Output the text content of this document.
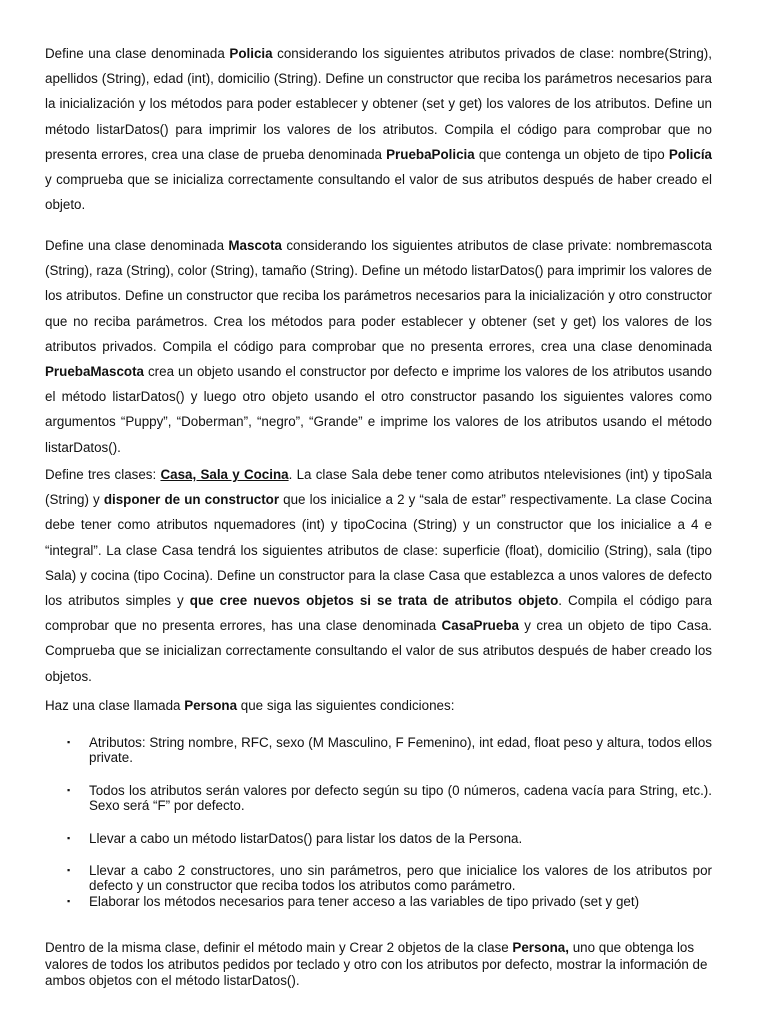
Define una clase denominada Policia considerando los siguientes atributos privados de clase: nombre(String), apellidos (String), edad (int), domicilio (String). Define un constructor que reciba los parámetros necesarios para la inicialización y los métodos para poder establecer y obtener (set y get) los valores de los atributos. Define un método listarDatos() para imprimir los valores de los atributos. Compila el código para comprobar que no presenta errores, crea una clase de prueba denominada PruebaPolicia que contenga un objeto de tipo Policía y comprueba que se inicializa correctamente consultando el valor de sus atributos después de haber creado el objeto.

Define una clase denominada Mascota considerando los siguientes atributos de clase private: nombremascota (String), raza (String), color (String), tamaño (String). Define un método listarDatos() para imprimir los valores de los atributos. Define un constructor que reciba los parámetros necesarios para la inicialización y otro constructor que no reciba parámetros. Crea los métodos para poder establecer y obtener (set y get) los valores de los atributos privados. Compila el código para comprobar que no presenta errores, crea una clase denominada PruebaMascota crea un objeto usando el constructor por defecto e imprime los valores de los atributos usando el método listarDatos() y luego otro objeto usando el otro constructor pasando los siguientes valores como argumentos “Puppy”, “Doberman”, “negro”, “Grande” e imprime los valores de los atributos usando el método listarDatos().

Define tres clases: Casa, Sala y Cocina. La clase Sala debe tener como atributos ntelevisiones (int) y tipoSala (String) y disponer de un constructor que los inicialice a 2 y “sala de estar” respectivamente. La clase Cocina debe tener como atributos nquemadores (int) y tipoCocina (String) y un constructor que los inicialice a 4 e “integral”. La clase Casa tendrá los siguientes atributos de clase: superficie (float), domicilio (String), sala (tipo Sala) y cocina (tipo Cocina). Define un constructor para la clase Casa que establezca a unos valores de defecto los atributos simples y que cree nuevos objetos si se trata de atributos objeto. Compila el código para comprobar que no presenta errores, has una clase denominada CasaPrueba y crea un objeto de tipo Casa. Comprueba que se inicializan correctamente consultando el valor de sus atributos después de haber creado los objetos.

Haz una clase llamada Persona que siga las siguientes condiciones:

▪ Atributos: String nombre, RFC, sexo (M Masculino, F Femenino), int edad, float peso y altura, todos ellos private.
▪ Todos los atributos serán valores por defecto según su tipo (0 números, cadena vacía para String, etc.). Sexo será “F” por defecto.
▪ Llevar a cabo un método listarDatos() para listar los datos de la Persona.
▪ Llevar a cabo 2 constructores, uno sin parámetros, pero que inicialice los valores de los atributos por defecto y un constructor que reciba todos los atributos como parámetro.
▪ Elaborar los métodos necesarios para tener acceso a las variables de tipo privado (set y get)

Dentro de la misma clase, definir el método main y Crear 2 objetos de la clase Persona, uno que obtenga los valores de todos los atributos pedidos por teclado y otro con los atributos por defecto, mostrar la información de ambos objetos con el método listarDatos().
